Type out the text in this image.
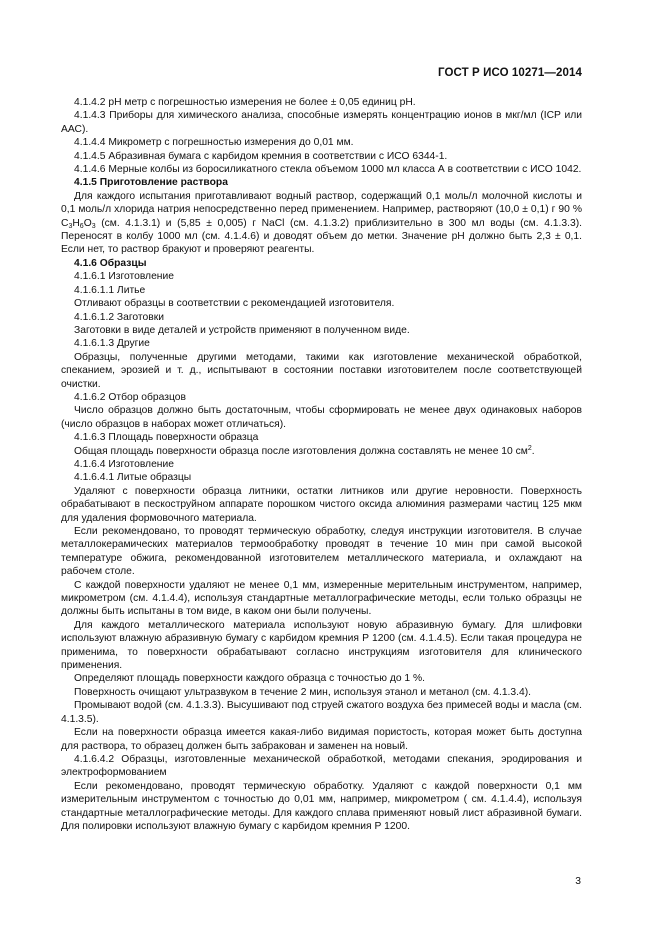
ГОСТ Р ИСО 10271—2014

4.1.4.2 pH метр с погрешностью измерения не более ± 0,05 единиц pH.

4.1.4.3 Приборы для химического анализа, способные измерять концентрацию ионов в мкг/мл (ICP или ААС).

4.1.4.4 Микрометр с погрешностью измерения до 0,01 мм.

4.1.4.5 Абразивная бумага с карбидом кремния в соответствии с ИСО 6344-1.

4.1.4.6 Мерные колбы из боросиликатного стекла объемом 1000 мл класса А в соответствии с ИСО 1042.

4.1.5 Приготовление раствора

Для каждого испытания приготавливают водный раствор, содержащий 0,1 моль/л молочной кислоты и 0,1 моль/л хлорида натрия непосредственно перед применением. Например, растворяют (10,0 ± 0,1) г 90 % $C_3H_6O_3$ (см. 4.1.3.1) и (5,85 ± 0,005) г NaCl (см. 4.1.3.2) приблизительно в 300 мл воды (см. 4.1.3.3). Переносят в колбу 1000 мл (см. 4.1.4.6) и доводят объем до метки. Значение pH должно быть 2,3 ± 0,1. Если нет, то раствор бракуют и проверяют реагенты.

4.1.6 Образцы

4.1.6.1 Изготовление

4.1.6.1.1 Литье

Отливают образцы в соответствии с рекомендацией изготовителя.

4.1.6.1.2 Заготовки

Заготовки в виде деталей и устройств применяют в полученном виде.

4.1.6.1.3 Другие

Образцы, полученные другими методами, такими как изготовление механической обработкой, спеканием, эрозией и т. д., испытывают в состоянии поставки изготовителем после соответствующей очистки.

4.1.6.2 Отбор образцов

Число образцов должно быть достаточным, чтобы сформировать не менее двух одинаковых наборов (число образцов в наборах может отличаться).

4.1.6.3 Площадь поверхности образца

Общая площадь поверхности образца после изготовления должна составлять не менее 10 $см^2$.

4.1.6.4 Изготовление

4.1.6.4.1 Литые образцы

Удаляют с поверхности образца литники, остатки литников или другие неровности. Поверхность обрабатывают в пескоструйном аппарате порошком чистого оксида алюминия размерами частиц 125 мкм для удаления формовочного материала.

Если рекомендовано, то проводят термическую обработку, следуя инструкции изготовителя. В случае металлокерамических материалов термообработку проводят в течение 10 мин при самой высокой температуре обжига, рекомендованной изготовителем металлического материала, и охлаждают на рабочем столе.

С каждой поверхности удаляют не менее 0,1 мм, измеренные мерительным инструментом, например, микрометром (см. 4.1.4.4), используя стандартные металлографические методы, если только образцы не должны быть испытаны в том виде, в каком они были получены.

Для каждого металлического материала используют новую абразивную бумагу. Для шлифовки используют влажную абразивную бумагу с карбидом кремния Р 1200 (см. 4.1.4.5). Если такая процедура не применима, то поверхности обрабатывают согласно инструкциям изготовителя для клинического применения.

Определяют площадь поверхности каждого образца с точностью до 1 %.

Поверхность очищают ультразвуком в течение 2 мин, используя этанол и метанол (см. 4.1.3.4).

Промывают водой (см. 4.1.3.3). Высушивают под струей сжатого воздуха без примесей воды и масла (см. 4.1.3.5).

Если на поверхности образца имеется какая-либо видимая пористость, которая может быть доступна для раствора, то образец должен быть забракован и заменен на новый.

4.1.6.4.2 Образцы, изготовленные механической обработкой, методами спекания, эродирования и электроформованием

Если рекомендовано, проводят термическую обработку. Удаляют с каждой поверхности 0,1 мм измерительным инструментом с точностью до 0,01 мм, например, микрометром ( см. 4.1.4.4), используя стандартные металлографические методы. Для каждого сплава применяют новый лист абразивной бумаги. Для полировки используют влажную бумагу с карбидом кремния Р 1200.

3
